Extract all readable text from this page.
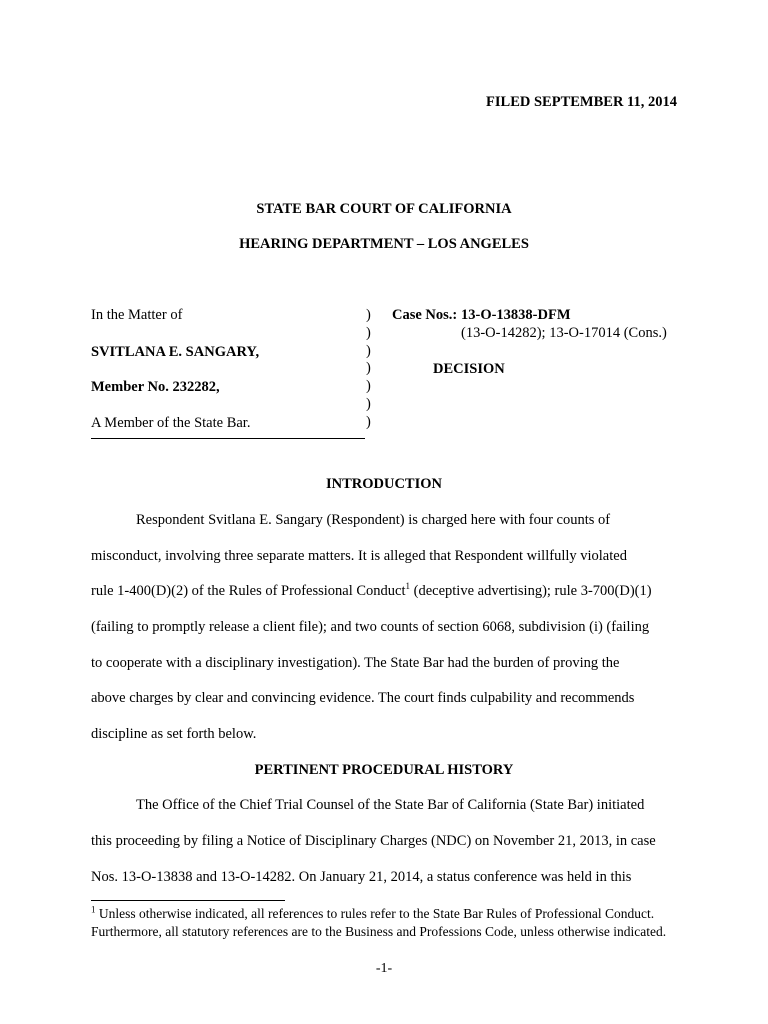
FILED SEPTEMBER 11, 2014
STATE BAR COURT OF CALIFORNIA
HEARING DEPARTMENT – LOS ANGELES
In the Matter of
SVITLANA E. SANGARY,
Member No. 232282,
A Member of the State Bar.
)
)
)
)
)
)
)
Case Nos.: 13-O-13838-DFM
(13-O-14282); 13-O-17014 (Cons.)
DECISION
INTRODUCTION
Respondent Svitlana E. Sangary (Respondent) is charged here with four counts of
misconduct, involving three separate matters. It is alleged that Respondent willfully violated
rule 1-400(D)(2) of the Rules of Professional Conduct$^1$ (deceptive advertising); rule 3-700(D)(1)
(failing to promptly release a client file); and two counts of section 6068, subdivision (i) (failing
to cooperate with a disciplinary investigation). The State Bar had the burden of proving the
above charges by clear and convincing evidence. The court finds culpability and recommends
discipline as set forth below.
PERTINENT PROCEDURAL HISTORY
The Office of the Chief Trial Counsel of the State Bar of California (State Bar) initiated
this proceeding by filing a Notice of Disciplinary Charges (NDC) on November 21, 2013, in case
Nos. 13-O-13838 and 13-O-14282. On January 21, 2014, a status conference was held in this
$^1$ Unless otherwise indicated, all references to rules refer to the State Bar Rules of Professional Conduct. Furthermore, all statutory references are to the Business and Professions Code, unless otherwise indicated.
-1-
